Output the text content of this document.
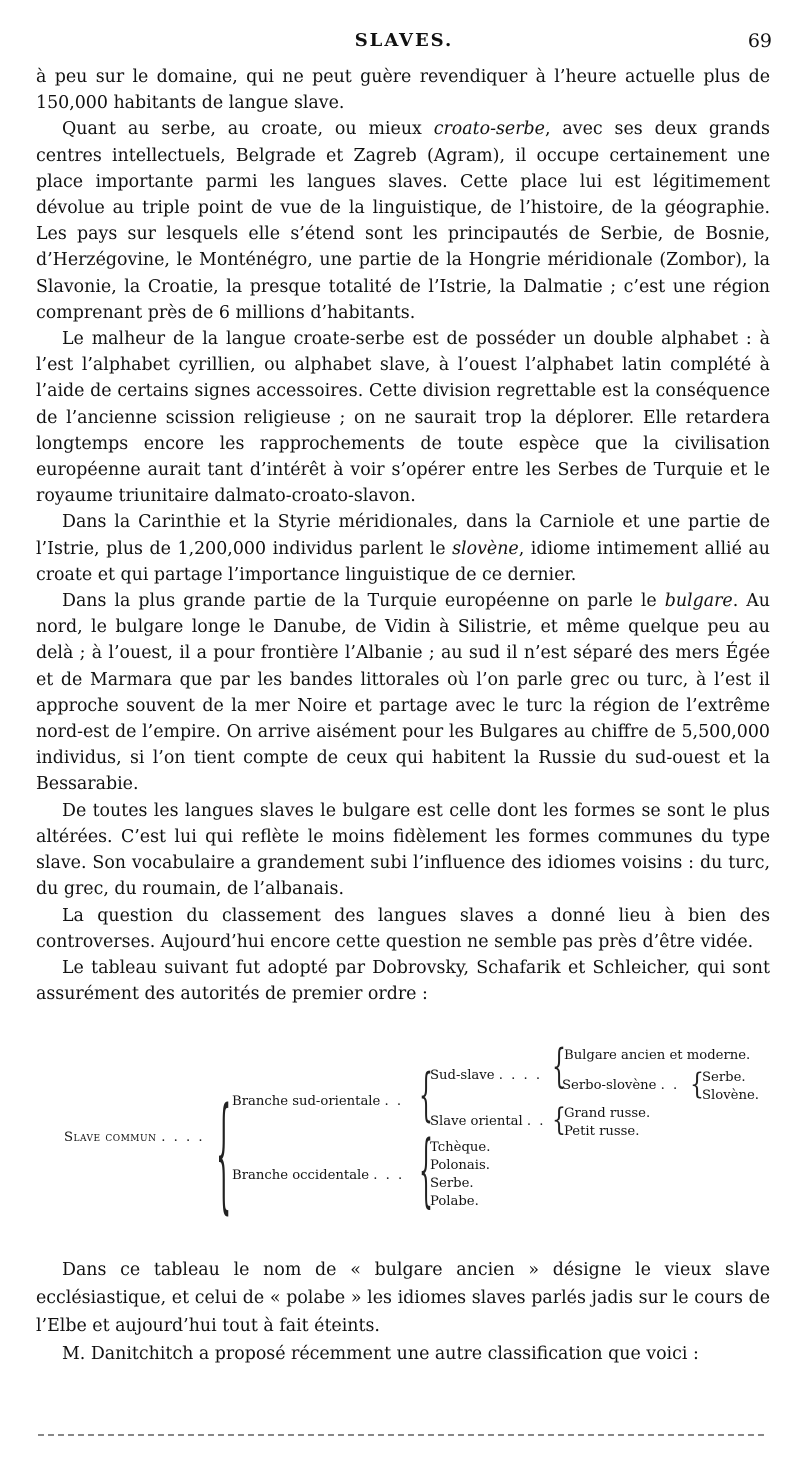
SLAVES.	69

à peu sur le domaine, qui ne peut guère revendiquer à l’heure actuelle plus de 150,000 habitants de langue slave.

Quant au serbe, au croate, ou mieux croato-serbe, avec ses deux grands centres intellectuels, Belgrade et Zagreb (Agram), il occupe certainement une place importante parmi les langues slaves. Cette place lui est légitimement dévolue au triple point de vue de la linguistique, de l’histoire, de la géographie. Les pays sur lesquels elle s’étend sont les principautés de Serbie, de Bosnie, d’Herzégovine, le Monténégro, une partie de la Hongrie méridionale (Zombor), la Slavonie, la Croatie, la presque totalité de l’Istrie, la Dalmatie ; c’est une région comprenant près de 6 millions d’habitants.

Le malheur de la langue croate-serbe est de posséder un double alphabet : à l’est l’alphabet cyrillien, ou alphabet slave, à l’ouest l’alphabet latin complété à l’aide de certains signes accessoires. Cette division regrettable est la conséquence de l’ancienne scission religieuse ; on ne saurait trop la déplorer. Elle retardera longtemps encore les rapprochements de toute espèce que la civilisation européenne aurait tant d’intérêt à voir s’opérer entre les Serbes de Turquie et le royaume triunitaire dalmato-croato-slavon.

Dans la Carinthie et la Styrie méridionales, dans la Carniole et une partie de l’Istrie, plus de 1,200,000 individus parlent le slovène, idiome intimement allié au croate et qui partage l’importance linguistique de ce dernier.

Dans la plus grande partie de la Turquie européenne on parle le bulgare. Au nord, le bulgare longe le Danube, de Vidin à Silistrie, et même quelque peu au delà ; à l’ouest, il a pour frontière l’Albanie ; au sud il n’est séparé des mers Égée et de Marmara que par les bandes littorales où l’on parle grec ou turc, à l’est il approche souvent de la mer Noire et partage avec le turc la région de l’extrême nord-est de l’empire. On arrive aisément pour les Bulgares au chiffre de 5,500,000 individus, si l’on tient compte de ceux qui habitent la Russie du sud-ouest et la Bessarabie.

De toutes les langues slaves le bulgare est celle dont les formes se sont le plus altérées. C’est lui qui reflète le moins fidèlement les formes communes du type slave. Son vocabulaire a grandement subi l’influence des idiomes voisins : du turc, du grec, du roumain, de l’albanais.

La question du classement des langues slaves a donné lieu à bien des controverses. Aujourd’hui encore cette question ne semble pas près d’être vidée.

Le tableau suivant fut adopté par Dobrovsky, Schafarik et Schleicher, qui sont assurément des autorités de premier ordre :

Slave commun . . . . { Branche sud-orientale . . {
Sud-slave . . . . {
Bulgare ancien et moderne.
Serbo-slovène . . {
Serbe.
Slovène.
Slave oriental . . {
Grand russe.
Petit russe.
Branche occidentale . . . {
Tchèque.
Polonais.
Serbe.
Polabe.

Dans ce tableau le nom de « bulgare ancien » désigne le vieux slave ecclésiastique, et celui de « polabe » les idiomes slaves parlés jadis sur le cours de l’Elbe et aujourd’hui tout à fait éteints.

M. Danitchitch a proposé récemment une autre classification que voici :
